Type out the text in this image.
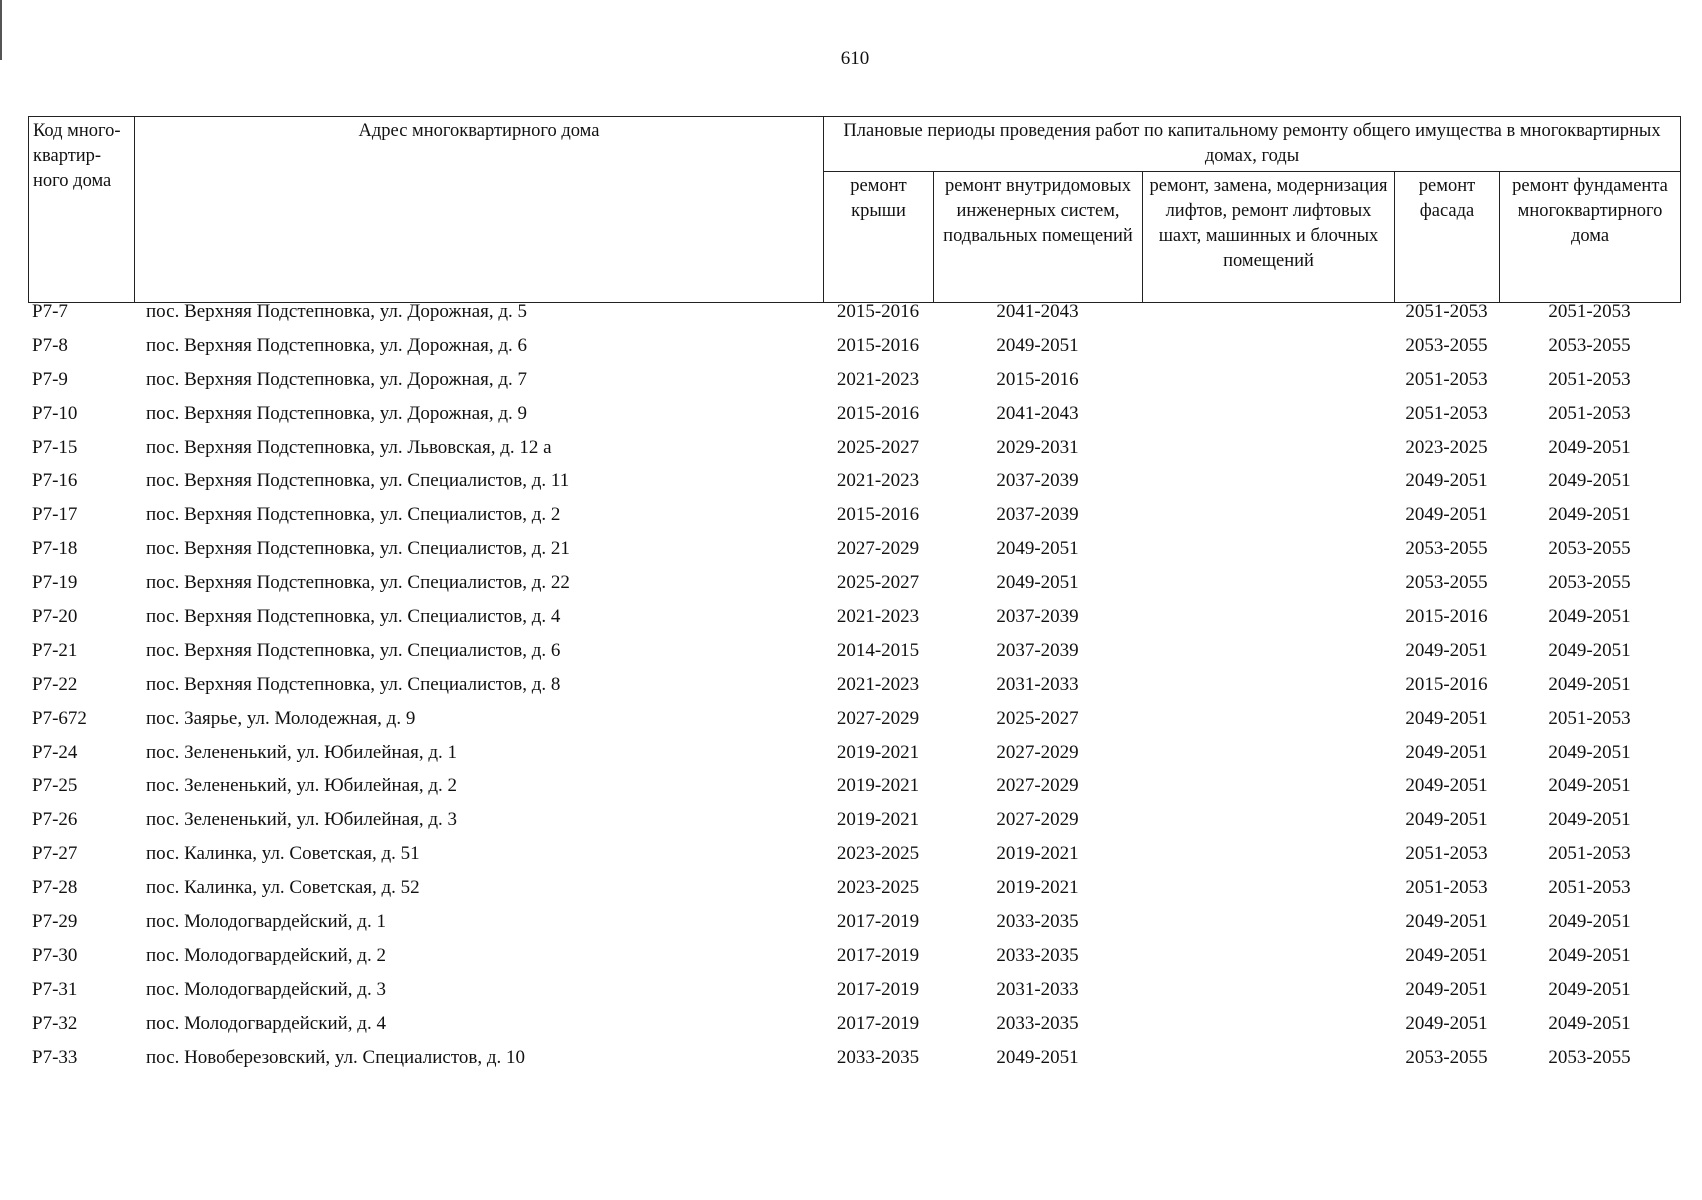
610
Код много-квартир-ного дома	Адрес многоквартирного дома	Плановые периоды проведения работ по капитальному ремонту общего имущества в многоквартирных домах, годы				
		ремонт крыши	ремонт внутридомовых инженерных систем, подвальных помещений	ремонт, замена, модернизация лифтов, ремонт лифтовых шахт, машинных и блочных помещений	ремонт фасада	ремонт фундамента многоквартирного дома
Р7-7	пос. Верхняя Подстепновка, ул. Дорожная, д. 5	2015-2016	2041-2043		2051-2053	2051-2053
Р7-8	пос. Верхняя Подстепновка, ул. Дорожная, д. 6	2015-2016	2049-2051		2053-2055	2053-2055
Р7-9	пос. Верхняя Подстепновка, ул. Дорожная, д. 7	2021-2023	2015-2016		2051-2053	2051-2053
Р7-10	пос. Верхняя Подстепновка, ул. Дорожная, д. 9	2015-2016	2041-2043		2051-2053	2051-2053
Р7-15	пос. Верхняя Подстепновка, ул. Львовская, д. 12 а	2025-2027	2029-2031		2023-2025	2049-2051
Р7-16	пос. Верхняя Подстепновка, ул. Специалистов, д. 11	2021-2023	2037-2039		2049-2051	2049-2051
Р7-17	пос. Верхняя Подстепновка, ул. Специалистов, д. 2	2015-2016	2037-2039		2049-2051	2049-2051
Р7-18	пос. Верхняя Подстепновка, ул. Специалистов, д. 21	2027-2029	2049-2051		2053-2055	2053-2055
Р7-19	пос. Верхняя Подстепновка, ул. Специалистов, д. 22	2025-2027	2049-2051		2053-2055	2053-2055
Р7-20	пос. Верхняя Подстепновка, ул. Специалистов, д. 4	2021-2023	2037-2039		2015-2016	2049-2051
Р7-21	пос. Верхняя Подстепновка, ул. Специалистов, д. 6	2014-2015	2037-2039		2049-2051	2049-2051
Р7-22	пос. Верхняя Подстепновка, ул. Специалистов, д. 8	2021-2023	2031-2033		2015-2016	2049-2051
Р7-672	пос. Заярье, ул. Молодежная, д. 9	2027-2029	2025-2027		2049-2051	2051-2053
Р7-24	пос. Зелененький, ул. Юбилейная, д. 1	2019-2021	2027-2029		2049-2051	2049-2051
Р7-25	пос. Зелененький, ул. Юбилейная, д. 2	2019-2021	2027-2029		2049-2051	2049-2051
Р7-26	пос. Зелененький, ул. Юбилейная, д. 3	2019-2021	2027-2029		2049-2051	2049-2051
Р7-27	пос. Калинка, ул. Советская, д. 51	2023-2025	2019-2021		2051-2053	2051-2053
Р7-28	пос. Калинка, ул. Советская, д. 52	2023-2025	2019-2021		2051-2053	2051-2053
Р7-29	пос. Молодогвардейский, д. 1	2017-2019	2033-2035		2049-2051	2049-2051
Р7-30	пос. Молодогвардейский, д. 2	2017-2019	2033-2035		2049-2051	2049-2051
Р7-31	пос. Молодогвардейский, д. 3	2017-2019	2031-2033		2049-2051	2049-2051
Р7-32	пос. Молодогвардейский, д. 4	2017-2019	2033-2035		2049-2051	2049-2051
Р7-33	пос. Новоберезовский, ул. Специалистов, д. 10	2033-2035	2049-2051		2053-2055	2053-2055
